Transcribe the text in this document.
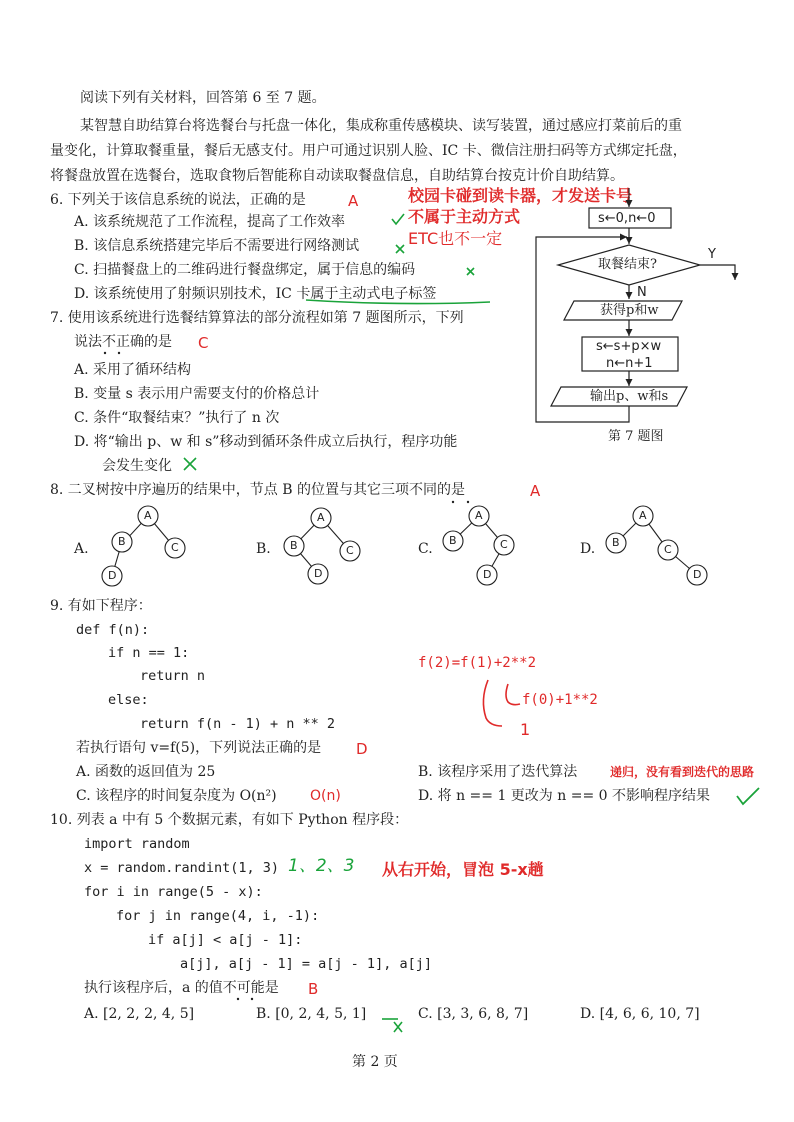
阅读下列有关材料，回答第 6 至 7 题。
某智慧自助结算台将选餐台与托盘一体化，集成称重传感模块、读写装置，通过感应打菜前后的重
量变化，计算取餐重量，餐后无感支付。用户可通过识别人脸、IC 卡、微信注册扫码等方式绑定托盘，
将餐盘放置在选餐台，选取食物后智能称自动读取餐盘信息，自助结算台按克计价自助结算。
6. 下列关于该信息系统的说法，正确的是	A
A. 该系统规范了工作流程，提高了工作效率
B. 该信息系统搭建完毕后不需要进行网络测试
C. 扫描餐盘上的二维码进行餐盘绑定，属于信息的编码
D. 该系统使用了射频识别技术，IC 卡属于主动式电子标签
校园卡碰到读卡器，才发送卡号
不属于主动方式
ETC也不一定
7. 使用该系统进行选餐结算算法的部分流程如第 7 题图所示，下列
说法不正确的是 C
A. 采用了循环结构
B. 变量 s 表示用户需要支付的价格总计
C. 条件“取餐结束？”执行了 n 次
D. 将“输出 p、w 和 s”移动到循环条件成立后执行，程序功能
会发生变化
s←0,n←0
取餐结束?
Y
N
获得p和w
s←s+p×w
n←n+1
输出p、w和s
第 7 题图
8. 二叉树按中序遍历的结果中，节点 B 的位置与其它三项不同的是	A
A.	B.	C.	D.
9. 有如下程序：
def f(n):
if n == 1:
return n
else:
return f(n - 1) + n ** 2
若执行语句 v=f(5)，下列说法正确的是 D
A. 函数的返回值为 25	B. 该程序采用了迭代算法	递归，没有看到迭代的思路
C. 该程序的时间复杂度为 O(n²) O(n)	D. 将 n == 1 更改为 n == 0 不影响程序结果
f(2)=f(1)+2**2
f(0)+1**2
1
10. 列表 a 中有 5 个数据元素，有如下 Python 程序段：
import random
x = random.randint(1, 3)
for i in range(5 - x):
for j in range(4, i, -1):
if a[j] < a[j - 1]:
a[j], a[j - 1] = a[j - 1], a[j]
1、2、3 从右开始，冒泡 5-x趟
执行该程序后，a 的值不可能是 B
A. [2, 2, 2, 4, 5]	B. [0, 2, 4, 5, 1]	C. [3, 3, 6, 8, 7]	D. [4, 6, 6, 10, 7]
第 2 页
A
B	C
D
A
B	C
D
A
B	C
D
A
B
C
D
